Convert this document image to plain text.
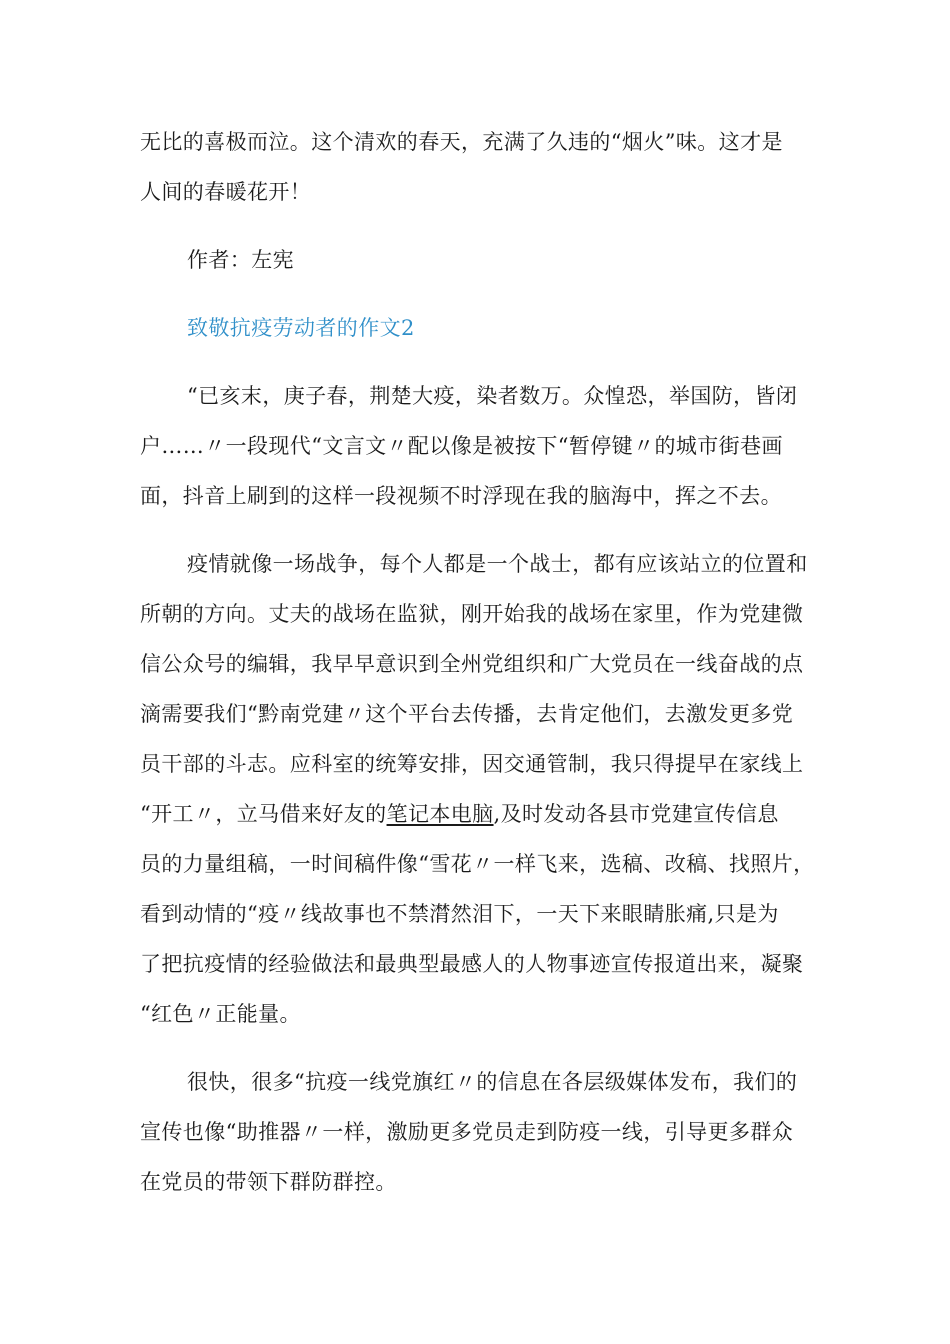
无比的喜极而泣。这个清欢的春天，充满了久违的“烟火”味。这才是
人间的春暖花开！
作者：左宪
致敬抗疫劳动者的作文2
“已亥末，庚子春，荆楚大疫，染者数万。众惶恐，举国防，皆闭
户……〃一段现代“文言文〃配以像是被按下“暂停键〃的城市街巷画
面，抖音上刷到的这样一段视频不时浮现在我的脑海中，挥之不去。
疫情就像一场战争，每个人都是一个战士，都有应该站立的位置和
所朝的方向。丈夫的战场在监狱，刚开始我的战场在家里，作为党建微
信公众号的编辑，我早早意识到全州党组织和广大党员在一线奋战的点
滴需要我们“黔南党建〃这个平台去传播，去肯定他们，去激发更多党
员干部的斗志。应科室的统筹安排，因交通管制，我只得提早在家线上
“开工〃，立马借来好友的笔记本电脑,及时发动各县市党建宣传信息
员的力量组稿，一时间稿件像“雪花〃一样飞来，选稿、改稿、找照片，
看到动情的“疫〃线故事也不禁潸然泪下，一天下来眼睛胀痛,只是为
了把抗疫情的经验做法和最典型最感人的人物事迹宣传报道出来，凝聚
“红色〃正能量。
很快，很多“抗疫一线党旗红〃的信息在各层级媒体发布，我们的
宣传也像“助推器〃一样，激励更多党员走到防疫一线，引导更多群众
在党员的带领下群防群控。
